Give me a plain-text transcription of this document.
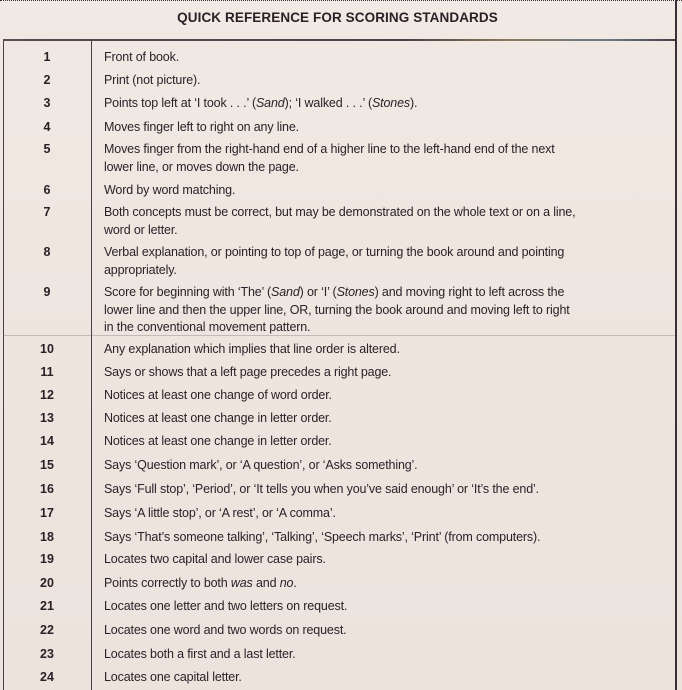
QUICK REFERENCE FOR SCORING STANDARDS
1	Front of book.
2	Print (not picture).
3	Points top left at ‘I took . . .’ (Sand); ‘I walked . . .’ (Stones).
4	Moves finger left to right on any line.
5	Moves finger from the right-hand end of a higher line to the left-hand end of the next lower line, or moves down the page.
6	Word by word matching.
7	Both concepts must be correct, but may be demonstrated on the whole text or on a line, word or letter.
8	Verbal explanation, or pointing to top of page, or turning the book around and pointing appropriately.
9	Score for beginning with ‘The’ (Sand) or ‘I’ (Stones) and moving right to left across the lower line and then the upper line, OR, turning the book around and moving left to right in the conventional movement pattern.
10	Any explanation which implies that line order is altered.
11	Says or shows that a left page precedes a right page.
12	Notices at least one change of word order.
13	Notices at least one change in letter order.
14	Notices at least one change in letter order.
15	Says ‘Question mark’, or ‘A question’, or ‘Asks something’.
16	Says ‘Full stop’, ‘Period’, or ‘It tells you when you’ve said enough’ or ‘It’s the end’.
17	Says ‘A little stop’, or ‘A rest’, or ‘A comma’.
18	Says ‘That’s someone talking’, ‘Talking’, ‘Speech marks’, ‘Print’ (from computers).
19	Locates two capital and lower case pairs.
20	Points correctly to both was and no.
21	Locates one letter and two letters on request.
22	Locates one word and two words on request.
23	Locates both a first and a last letter.
24	Locates one capital letter.
